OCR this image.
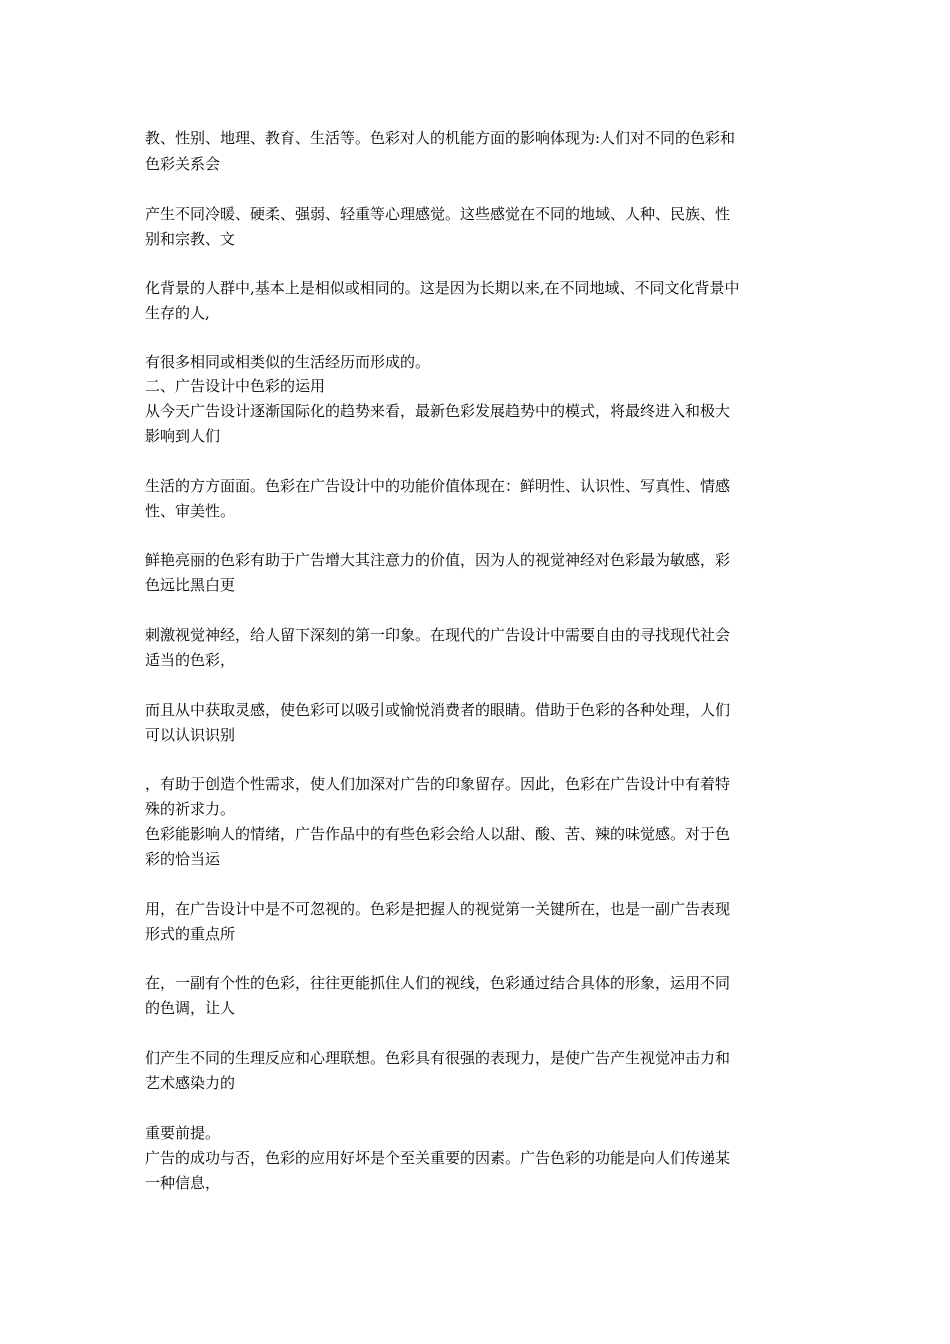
教、性别、地理、教育、生活等。色彩对人的机能方面的影响体现为:人们对不同的色彩和
色彩关系会
产生不同冷暖、硬柔、强弱、轻重等心理感觉。这些感觉在不同的地域、人种、民族、性
别和宗教、文
化背景的人群中,基本上是相似或相同的。这是因为长期以来,在不同地域、不同文化背景中
生存的人,
有很多相同或相类似的生活经历而形成的。
二、广告设计中色彩的运用
从今天广告设计逐渐国际化的趋势来看，最新色彩发展趋势中的模式，将最终进入和极大
影响到人们
生活的方方面面。色彩在广告设计中的功能价值体现在：鲜明性、认识性、写真性、情感
性、审美性。
鲜艳亮丽的色彩有助于广告增大其注意力的价值，因为人的视觉神经对色彩最为敏感，彩
色远比黑白更
刺激视觉神经，给人留下深刻的第一印象。在现代的广告设计中需要自由的寻找现代社会
适当的色彩，
而且从中获取灵感，使色彩可以吸引或愉悦消费者的眼睛。借助于色彩的各种处理，人们
可以认识识别
，有助于创造个性需求，使人们加深对广告的印象留存。因此，色彩在广告设计中有着特
殊的祈求力。
色彩能影响人的情绪，广告作品中的有些色彩会给人以甜、酸、苦、辣的味觉感。对于色
彩的恰当运
用，在广告设计中是不可忽视的。色彩是把握人的视觉第一关键所在，也是一副广告表现
形式的重点所
在，一副有个性的色彩，往往更能抓住人们的视线，色彩通过结合具体的形象，运用不同
的色调，让人
们产生不同的生理反应和心理联想。色彩具有很强的表现力，是使广告产生视觉冲击力和
艺术感染力的
重要前提。
广告的成功与否，色彩的应用好坏是个至关重要的因素。广告色彩的功能是向人们传递某
一种信息，
